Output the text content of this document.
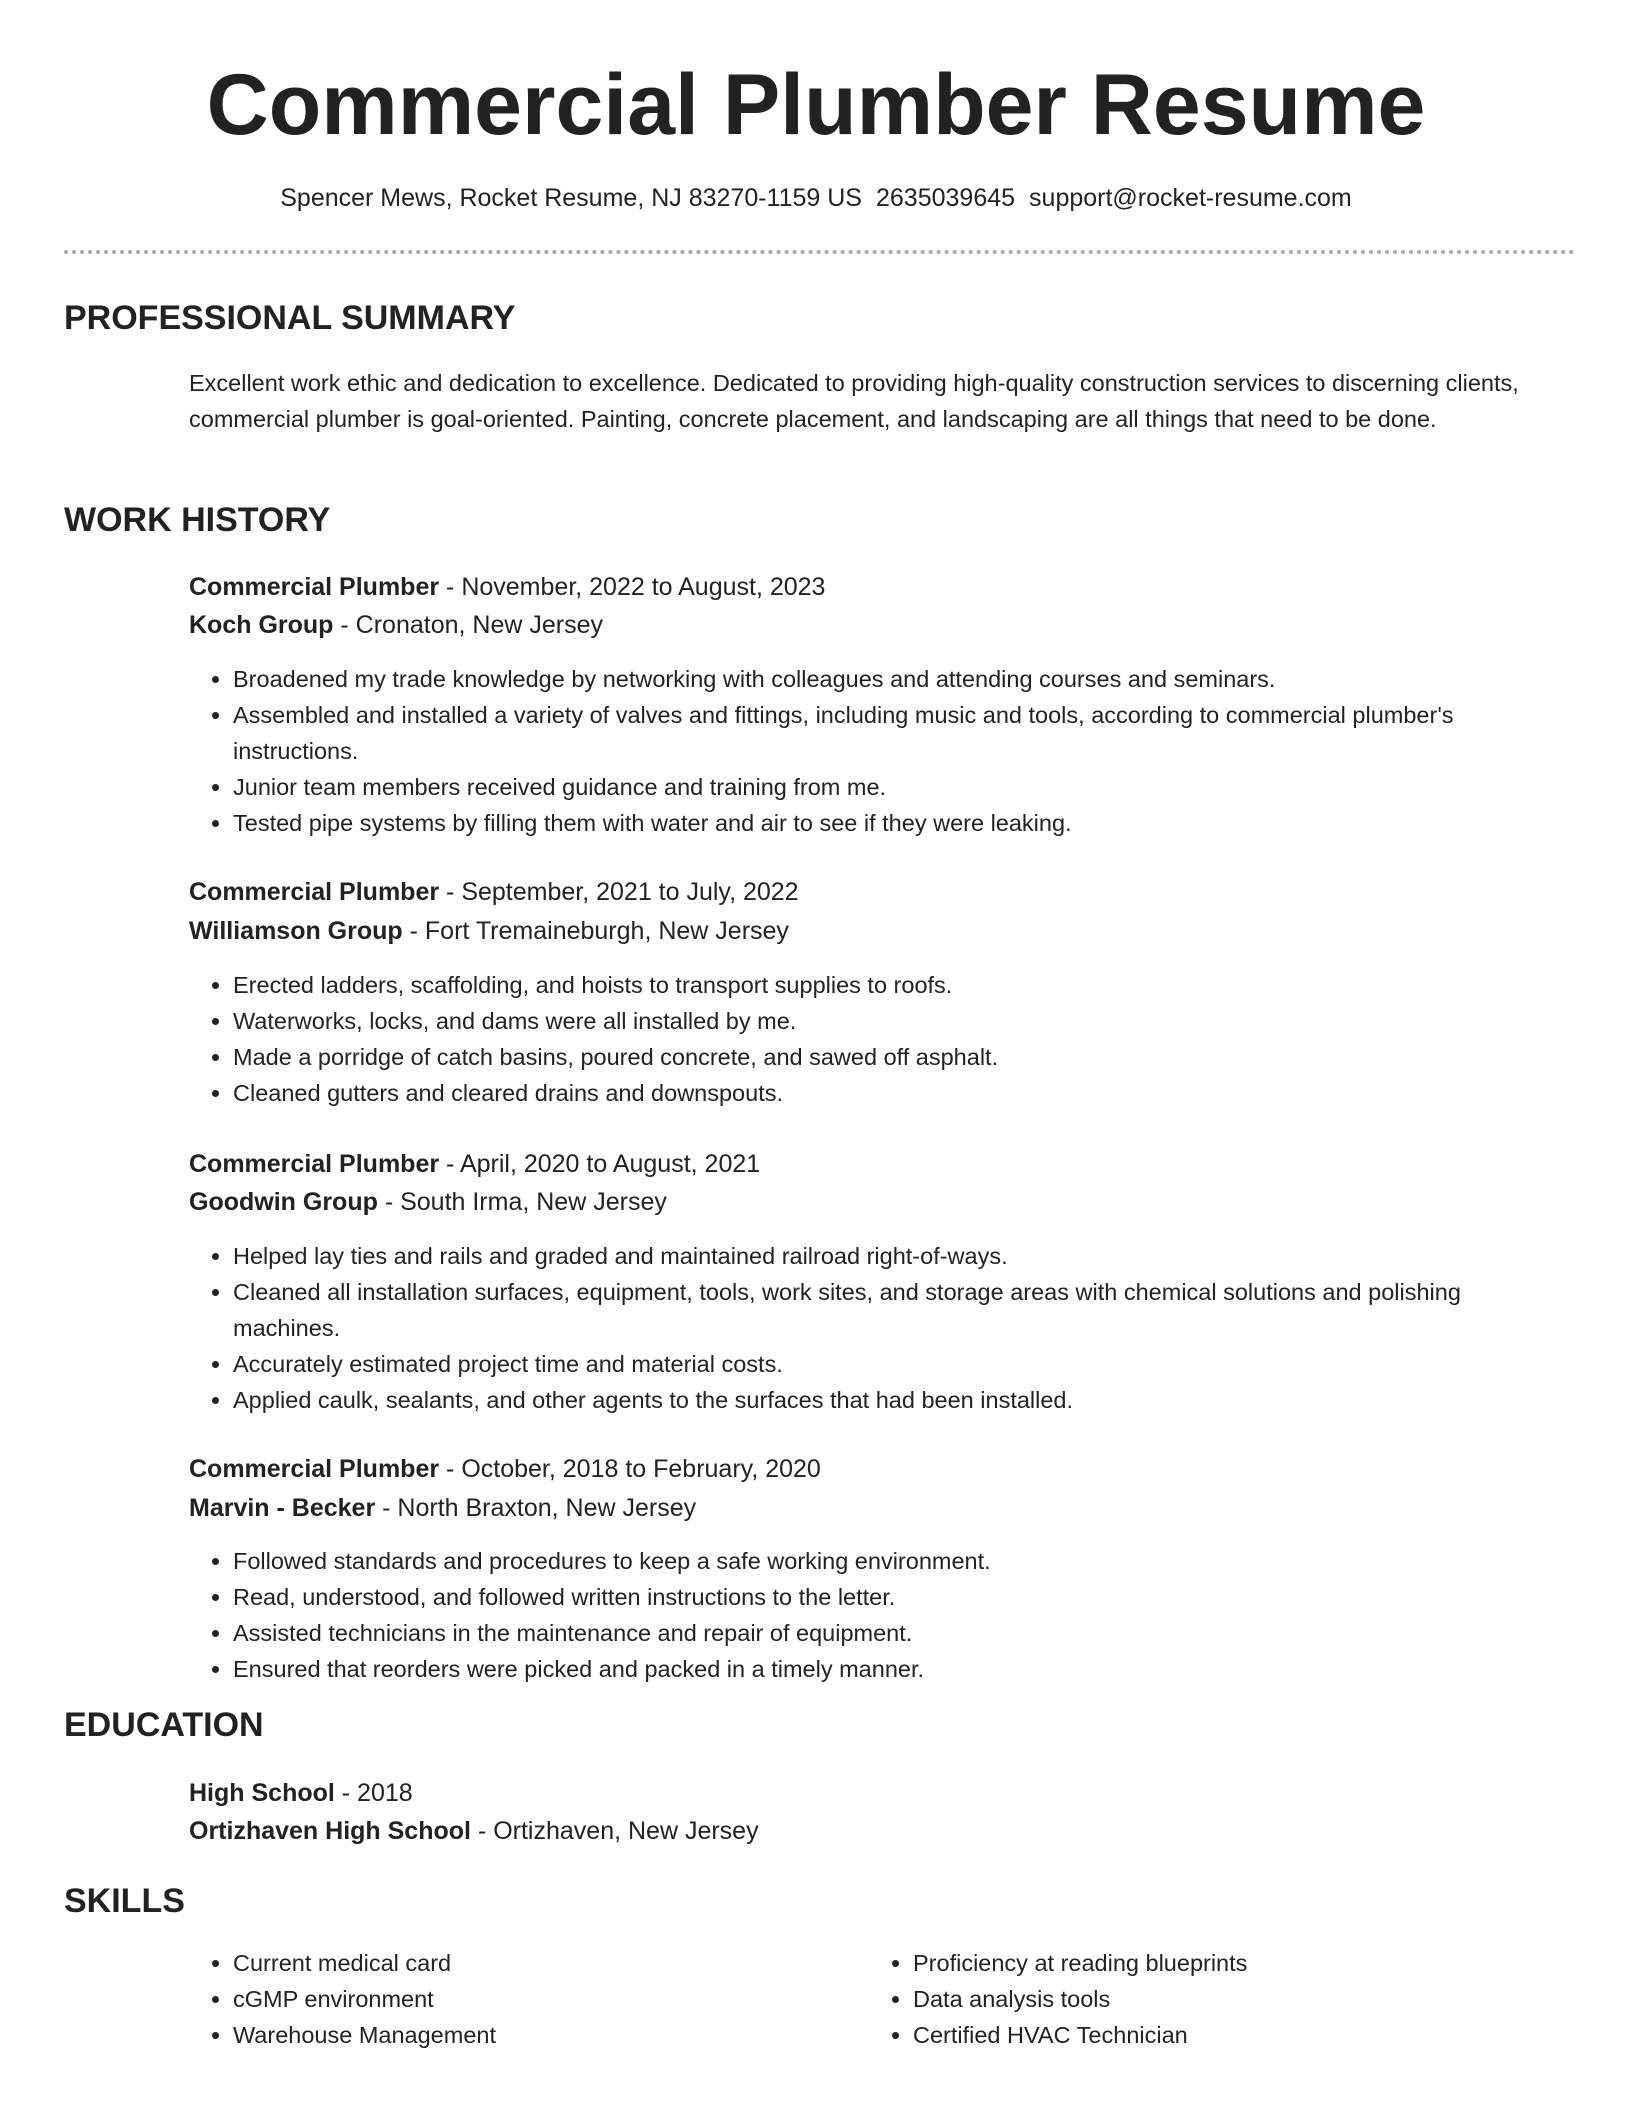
Commercial Plumber Resume
Spencer Mews, Rocket Resume, NJ 83270-1159 US 2635039645 support@rocket-resume.com
PROFESSIONAL SUMMARY

Excellent work ethic and dedication to excellence. Dedicated to providing high-quality construction services to discerning clients, commercial plumber is goal-oriented. Painting, concrete placement, and landscaping are all things that need to be done.

WORK HISTORY
Commercial Plumber - November, 2022 to August, 2023
Koch Group - Cronaton, New Jersey
• Broadened my trade knowledge by networking with colleagues and attending courses and seminars.
• Assembled and installed a variety of valves and fittings, including music and tools, according to commercial plumber's instructions.
• Junior team members received guidance and training from me.
• Tested pipe systems by filling them with water and air to see if they were leaking.
Commercial Plumber - September, 2021 to July, 2022
Williamson Group - Fort Tremaineburgh, New Jersey
• Erected ladders, scaffolding, and hoists to transport supplies to roofs.
• Waterworks, locks, and dams were all installed by me.
• Made a porridge of catch basins, poured concrete, and sawed off asphalt.
• Cleaned gutters and cleared drains and downspouts.
Commercial Plumber - April, 2020 to August, 2021
Goodwin Group - South Irma, New Jersey
• Helped lay ties and rails and graded and maintained railroad right-of-ways.
• Cleaned all installation surfaces, equipment, tools, work sites, and storage areas with chemical solutions and polishing machines.
• Accurately estimated project time and material costs.
• Applied caulk, sealants, and other agents to the surfaces that had been installed.
Commercial Plumber - October, 2018 to February, 2020
Marvin - Becker - North Braxton, New Jersey
• Followed standards and procedures to keep a safe working environment.
• Read, understood, and followed written instructions to the letter.
• Assisted technicians in the maintenance and repair of equipment.
• Ensured that reorders were picked and packed in a timely manner.
EDUCATION
High School - 2018
Ortizhaven High School - Ortizhaven, New Jersey
SKILLS
• Current medical card
• cGMP environment
• Warehouse Management
• Proficiency at reading blueprints
• Data analysis tools
• Certified HVAC Technician
